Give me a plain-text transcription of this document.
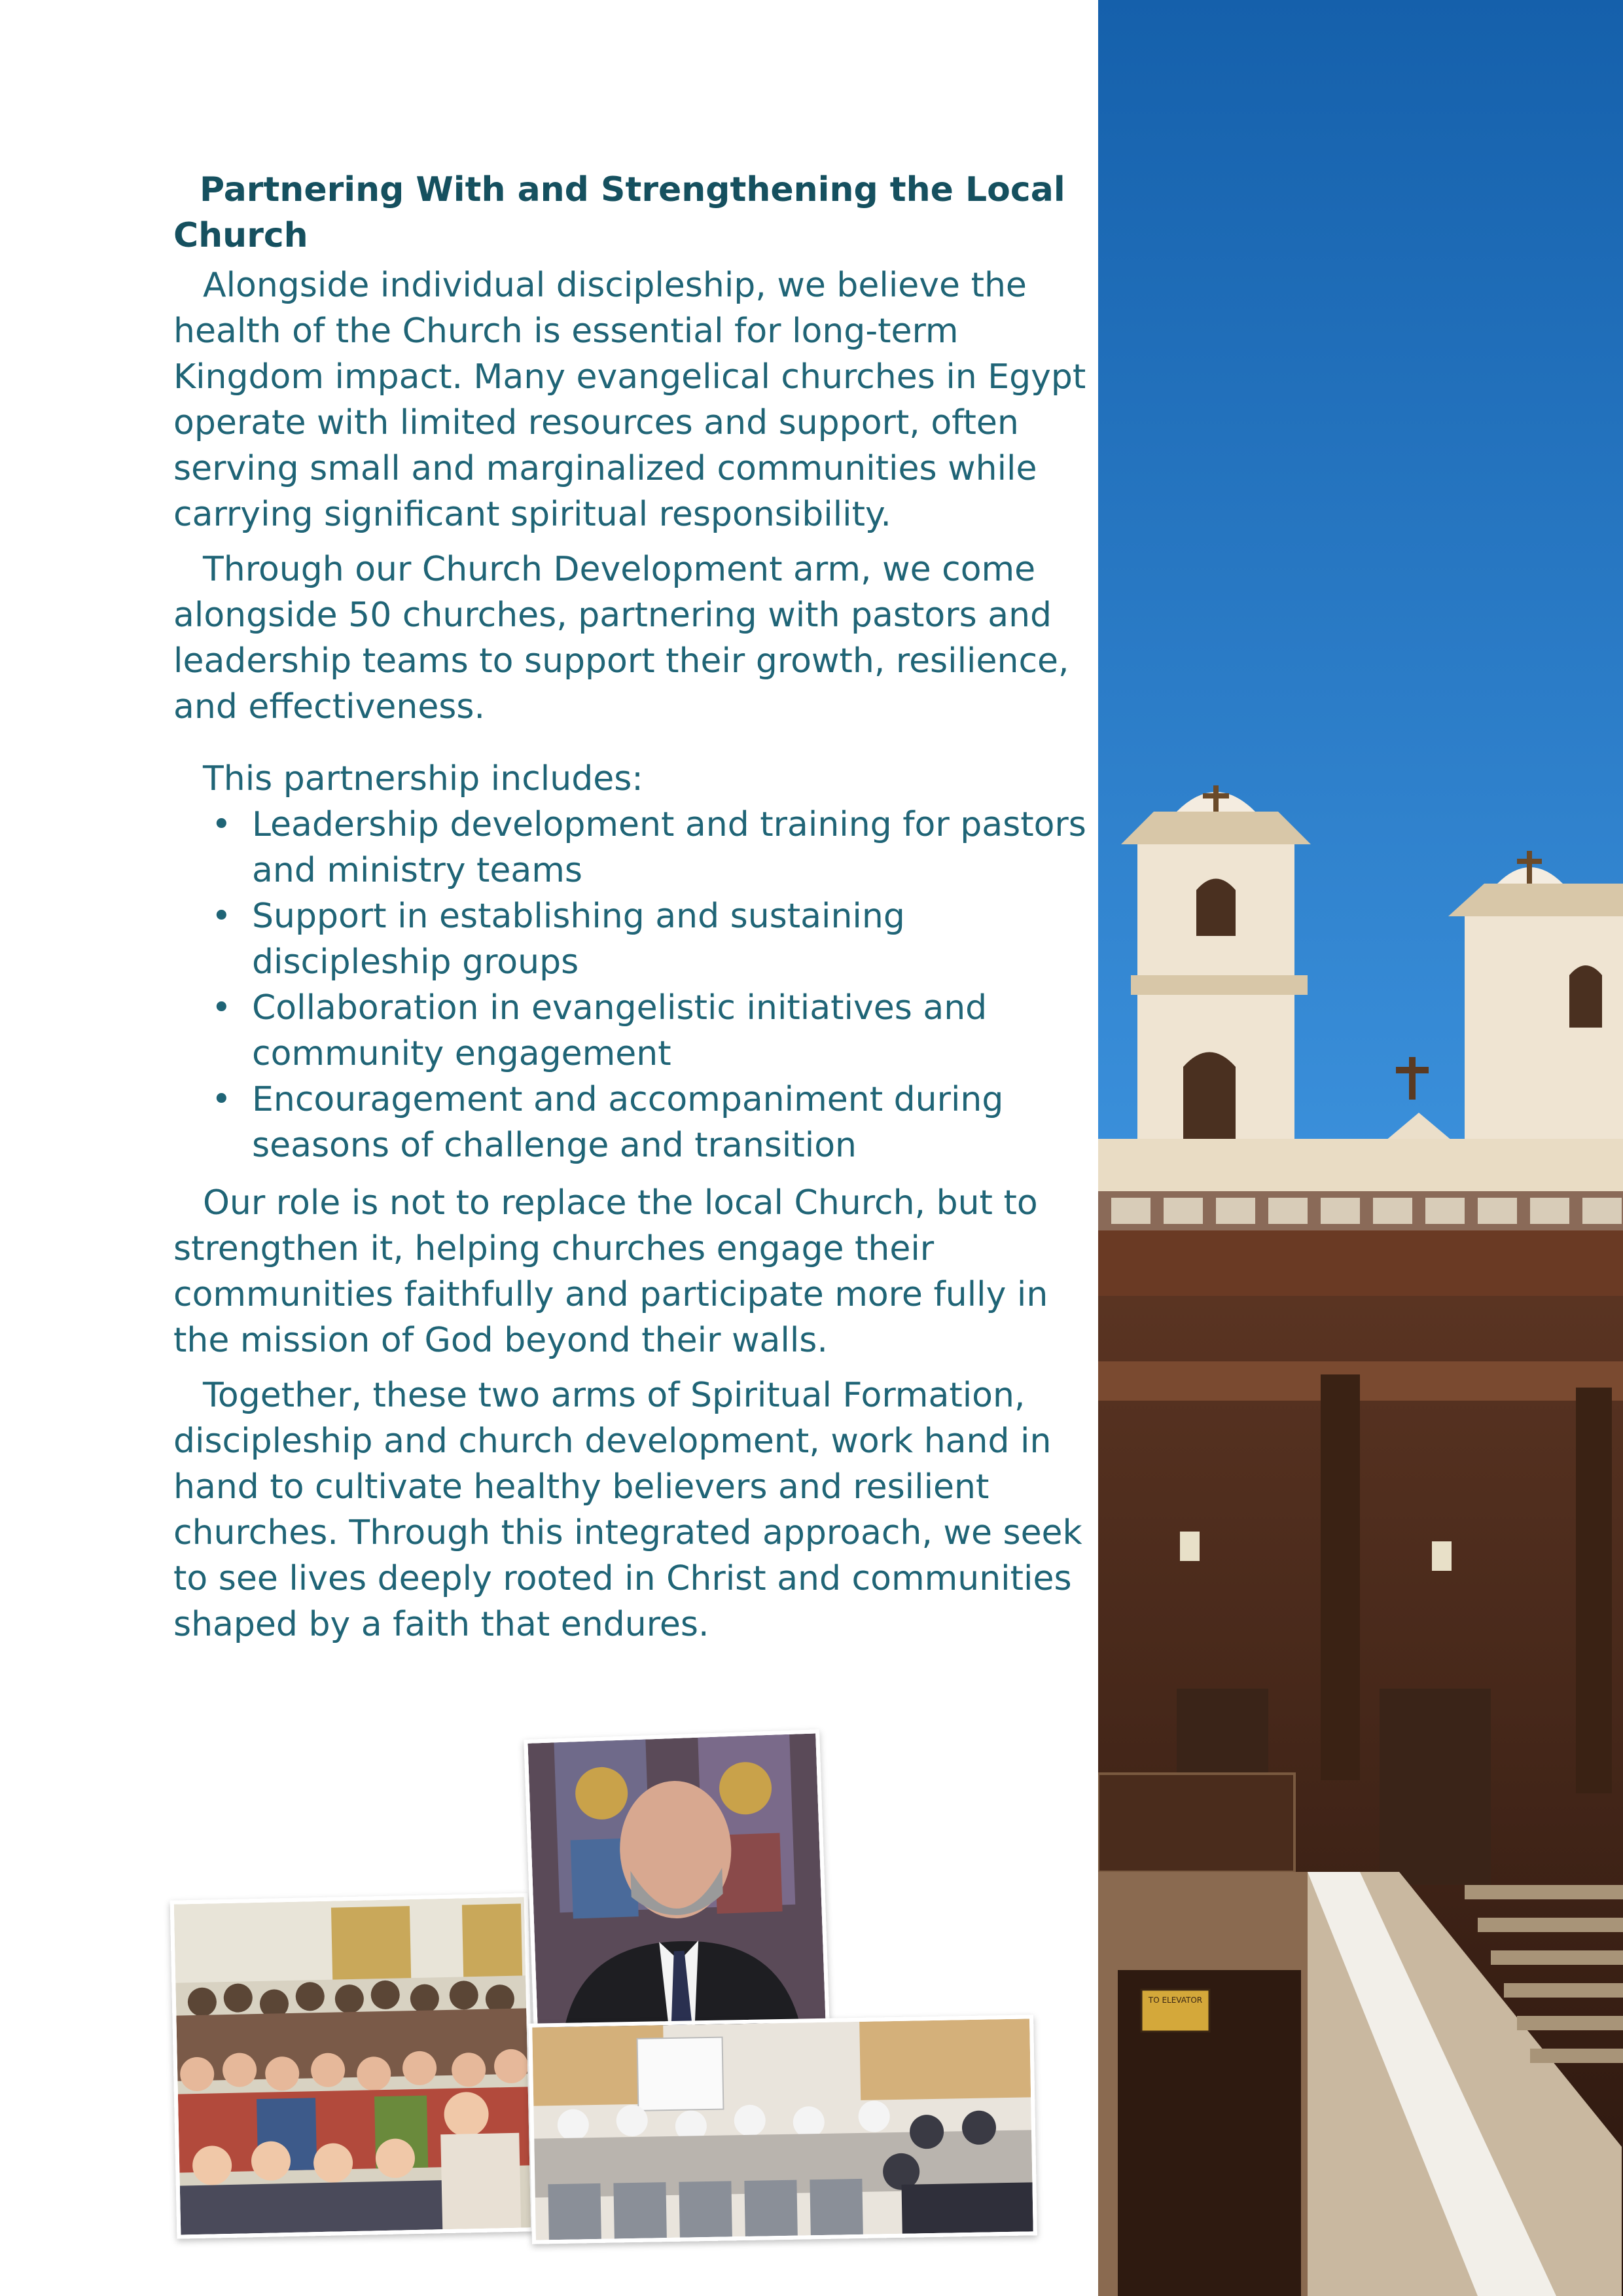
Partnering With and Strengthening the Local
Church

Alongside individual discipleship, we believe the health of the Church is essential for long-term Kingdom impact. Many evangelical churches in Egypt operate with limited resources and support, often serving small and marginalized communities while carrying significant spiritual responsibility.

Through our Church Development arm, we come alongside 50 churches, partnering with pastors and leadership teams to support their growth, resilience, and effectiveness.

This partnership includes:

• Leadership development and training for pastors and ministry teams
• Support in establishing and sustaining discipleship groups
• Collaboration in evangelistic initiatives and community engagement
• Encouragement and accompaniment during seasons of challenge and transition

Our role is not to replace the local Church, but to strengthen it, helping churches engage their communities faithfully and participate more fully in the mission of God beyond their walls.

Together, these two arms of Spiritual Formation, discipleship and church development, work hand in hand to cultivate healthy believers and resilient churches. Through this integrated approach, we seek to see lives deeply rooted in Christ and communities shaped by a faith that endures.

TO ELEVATOR
